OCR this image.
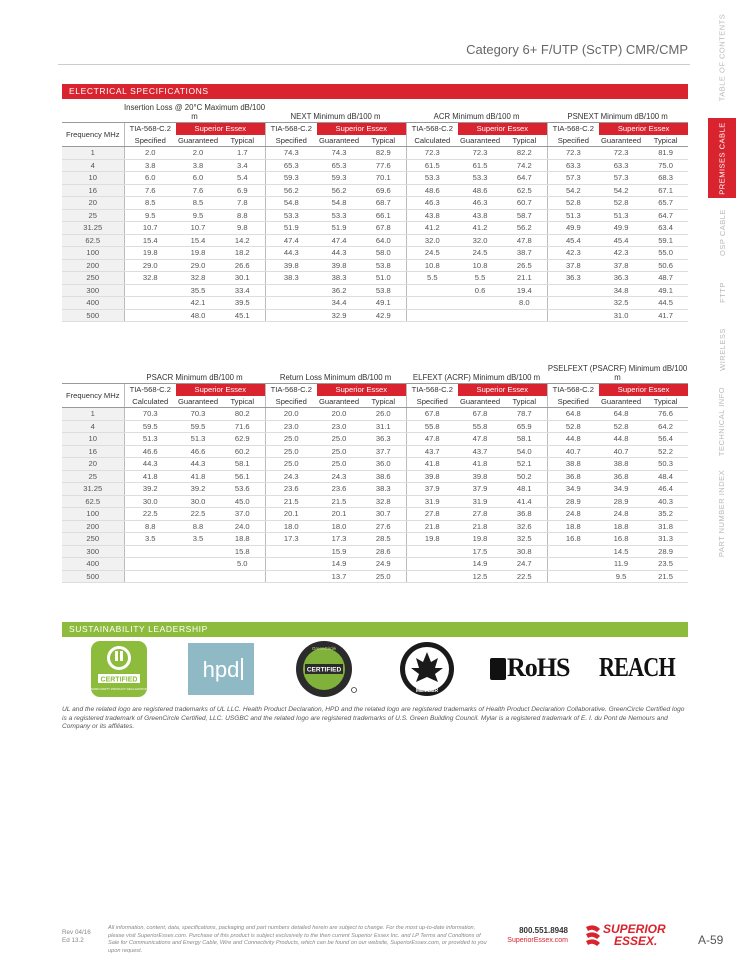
Category 6+ F/UTP (ScTP) CMR/CMP	TABLE OF CONTENTS
PREMISES CABLE
OSP CABLE
FTTP
WIRELESS
TECHNICAL INFO
PART NUMBER INDEX
ELECTRICAL SPECIFICATIONS
	Insertion Loss @ 20°C Maximum dB/100 m			NEXT Minimum dB/100 m			ACR Minimum dB/100 m			PSNEXT Minimum dB/100 m		
Frequency MHz	TIA-568-C.2	Superior Essex		TIA-568-C.2	Superior Essex		TIA-568-C.2	Superior Essex		TIA-568-C.2	Superior Essex	
	Specified	Guaranteed	Typical	Specified	Guaranteed	Typical	Calculated	Guaranteed	Typical	Specified	Guaranteed	Typical
1	2.0	2.0	1.7	74.3	74.3	82.9	72.3	72.3	82.2	72.3	72.3	81.9
4	3.8	3.8	3.4	65.3	65.3	77.6	61.5	61.5	74.2	63.3	63.3	75.0
10	6.0	6.0	5.4	59.3	59.3	70.1	53.3	53.3	64.7	57.3	57.3	68.3
16	7.6	7.6	6.9	56.2	56.2	69.6	48.6	48.6	62.5	54.2	54.2	67.1
20	8.5	8.5	7.8	54.8	54.8	68.7	46.3	46.3	60.7	52.8	52.8	65.7
25	9.5	9.5	8.8	53.3	53.3	66.1	43.8	43.8	58.7	51.3	51.3	64.7
31.25	10.7	10.7	9.8	51.9	51.9	67.8	41.2	41.2	56.2	49.9	49.9	63.4
62.5	15.4	15.4	14.2	47.4	47.4	64.0	32.0	32.0	47.8	45.4	45.4	59.1
100	19.8	19.8	18.2	44.3	44.3	58.0	24.5	24.5	38.7	42.3	42.3	55.0
200	29.0	29.0	26.6	39.8	39.8	53.8	10.8	10.8	26.5	37.8	37.8	50.6
250	32.8	32.8	30.1	38.3	38.3	51.0	5.5	5.5	21.1	36.3	36.3	48.7
300		35.5	33.4		36.2	53.8		0.6	19.4		34.8	49.1
400		42.1	39.5		34.4	49.1			8.0		32.5	44.5
500		48.0	45.1		32.9	42.9					31.0	41.7
	PSACR Minimum dB/100 m			Return Loss Minimum dB/100 m			ELFEXT (ACRF) Minimum dB/100 m			PSELFEXT (PSACRF) Minimum dB/100 m		
Frequency MHz	TIA-568-C.2	Superior Essex		TIA-568-C.2	Superior Essex		TIA-568-C.2	Superior Essex		TIA-568-C.2	Superior Essex	
	Calculated	Guaranteed	Typical	Specified	Guaranteed	Typical	Specified	Guaranteed	Typical	Specified	Guaranteed	Typical
1	70.3	70.3	80.2	20.0	20.0	26.0	67.8	67.8	78.7	64.8	64.8	76.6
4	59.5	59.5	71.6	23.0	23.0	31.1	55.8	55.8	65.9	52.8	52.8	64.2
10	51.3	51.3	62.9	25.0	25.0	36.3	47.8	47.8	58.1	44.8	44.8	56.4
16	46.6	46.6	60.2	25.0	25.0	37.7	43.7	43.7	54.0	40.7	40.7	52.2
20	44.3	44.3	58.1	25.0	25.0	36.0	41.8	41.8	52.1	38.8	38.8	50.3
25	41.8	41.8	56.1	24.3	24.3	38.6	39.8	39.8	50.2	36.8	36.8	48.4
31.25	39.2	39.2	53.6	23.6	23.6	38.3	37.9	37.9	48.1	34.9	34.9	46.4
62.5	30.0	30.0	45.0	21.5	21.5	32.8	31.9	31.9	41.4	28.9	28.9	40.3
100	22.5	22.5	37.0	20.1	20.1	30.7	27.8	27.8	36.8	24.8	24.8	35.2
200	8.8	8.8	24.0	18.0	18.0	27.6	21.8	21.8	32.6	18.8	18.8	31.8
250	3.5	3.5	18.8	17.3	17.3	28.5	19.8	19.8	32.5	16.8	16.8	31.3
300			15.8		15.9	28.6		17.5	30.8		14.5	28.9
400			5.0		14.9	24.9		14.9	24.7		11.9	23.5
500					13.7	25.0		12.5	22.5		9.5	21.5
SUSTAINABILITY LEADERSHIP
CERTIFIED
THIRD-PARTY PRODUCT DECLARATION
hpd
GreenCircle
CERTIFIED
MEMBER
RoHS REACH
UL and the related logo are registered trademarks of UL LLC. Health Product Declaration, HPD and the related logo are registered trademarks of Health Product Declaration Collaborative. GreenCircle Certified logo is a registered trademark of GreenCircle Certified, LLC. USGBC and the related logo are registered trademarks of U.S. Green Building Council. Mylar is a registered trademark of E. I. du Pont de Nemours and Company or its affiliates.
Rev 04/16
Ed 13.2
All information, content, data, specifications, packaging and part numbers detailed herein are subject to change. For the most up-to-date information, please visit SuperiorEssex.com. Purchase of this product is subject exclusively to the then current Superior Essex Inc. and LP Terms and Conditions of Sale for Communications and Energy Cable, Wire and Connectivity Products, which can be found on our website, SuperiorEssex.com, or provided to you upon request.
800.551.8948
SuperiorEssex.com
SUPERIOR
ESSEX.	A-59
